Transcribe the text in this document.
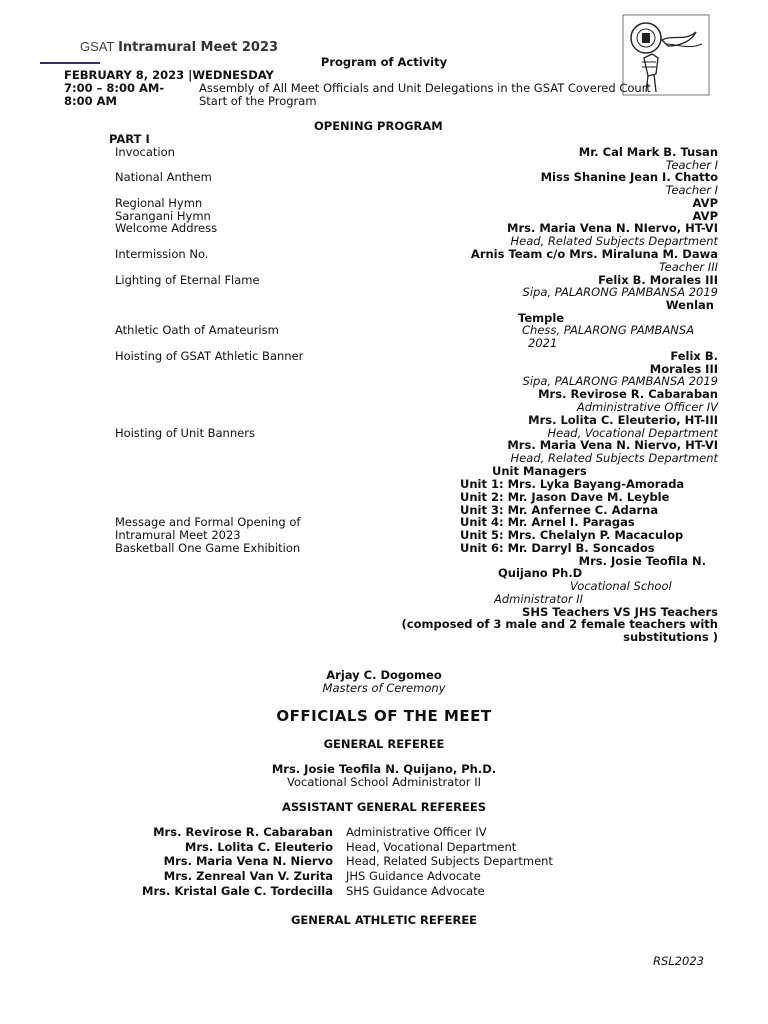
GSAT Intramural Meet 2023
Program of Activity
FEBRUARY 8, 2023 |WEDNESDAY
7:00 – 8:00 AM-	Assembly of All Meet Officials and Unit Delegations in the GSAT Covered Court
8:00 AM	Start of the Program
OPENING PROGRAM
PART I
Invocation
National Anthem
Regional Hymn
Sarangani Hymn
Welcome Address
Intermission No.
Lighting of Eternal Flame
Athletic Oath of Amateurism
Hoisting of GSAT Athletic Banner
Hoisting of Unit Banners
Message and Formal Opening of
Intramural Meet 2023
Basketball One Game Exhibition
Mr. Cal Mark B. Tusan
Teacher I
Miss Shanine Jean I. Chatto
Teacher I
AVP
AVP
Mrs. Maria Vena N. NIervo, HT-VI
Head, Related Subjects Department
Arnis Team c/o Mrs. Miraluna M. Dawa
Teacher III
Felix B. Morales III
Sipa, PALARONG PAMBANSA 2019
Wenlan
Temple
Chess, PALARONG PAMBANSA
2021
Felix B.
Morales III
Sipa, PALARONG PAMBANSA 2019
Mrs. Revirose R. Cabaraban
Administrative Officer IV
Mrs. Lolita C. Eleuterio, HT-III
Head, Vocational Department
Mrs. Maria Vena N. Niervo, HT-VI
Head, Related Subjects Department
Unit Managers
Unit 1: Mrs. Lyka Bayang-Amorada
Unit 2: Mr. Jason Dave M. Leyble
Unit 3: Mr. Anfernee C. Adarna
Unit 4: Mr. Arnel I. Paragas
Unit 5: Mrs. Chelalyn P. Macaculop
Unit 6: Mr. Darryl B. Soncados
Mrs. Josie Teofila N.
Quijano Ph.D
Vocational School
Administrator II
SHS Teachers VS JHS Teachers
(composed of 3 male and 2 female teachers with
substitutions )
Arjay C. Dogomeo
Masters of Ceremony
OFFICIALS OF THE MEET
GENERAL REFEREE
Mrs. Josie Teofila N. Quijano, Ph.D.
Vocational School Administrator II
ASSISTANT GENERAL REFEREES
Mrs. Revirose R. Cabaraban Administrative Officer IV
Mrs. Lolita C. Eleuterio Head, Vocational Department
Mrs. Maria Vena N. Niervo Head, Related Subjects Department
Mrs. Zenreal Van V. Zurita JHS Guidance Advocate
Mrs. Kristal Gale C. Tordecilla SHS Guidance Advocate
GENERAL ATHLETIC REFEREE
RSL2023
